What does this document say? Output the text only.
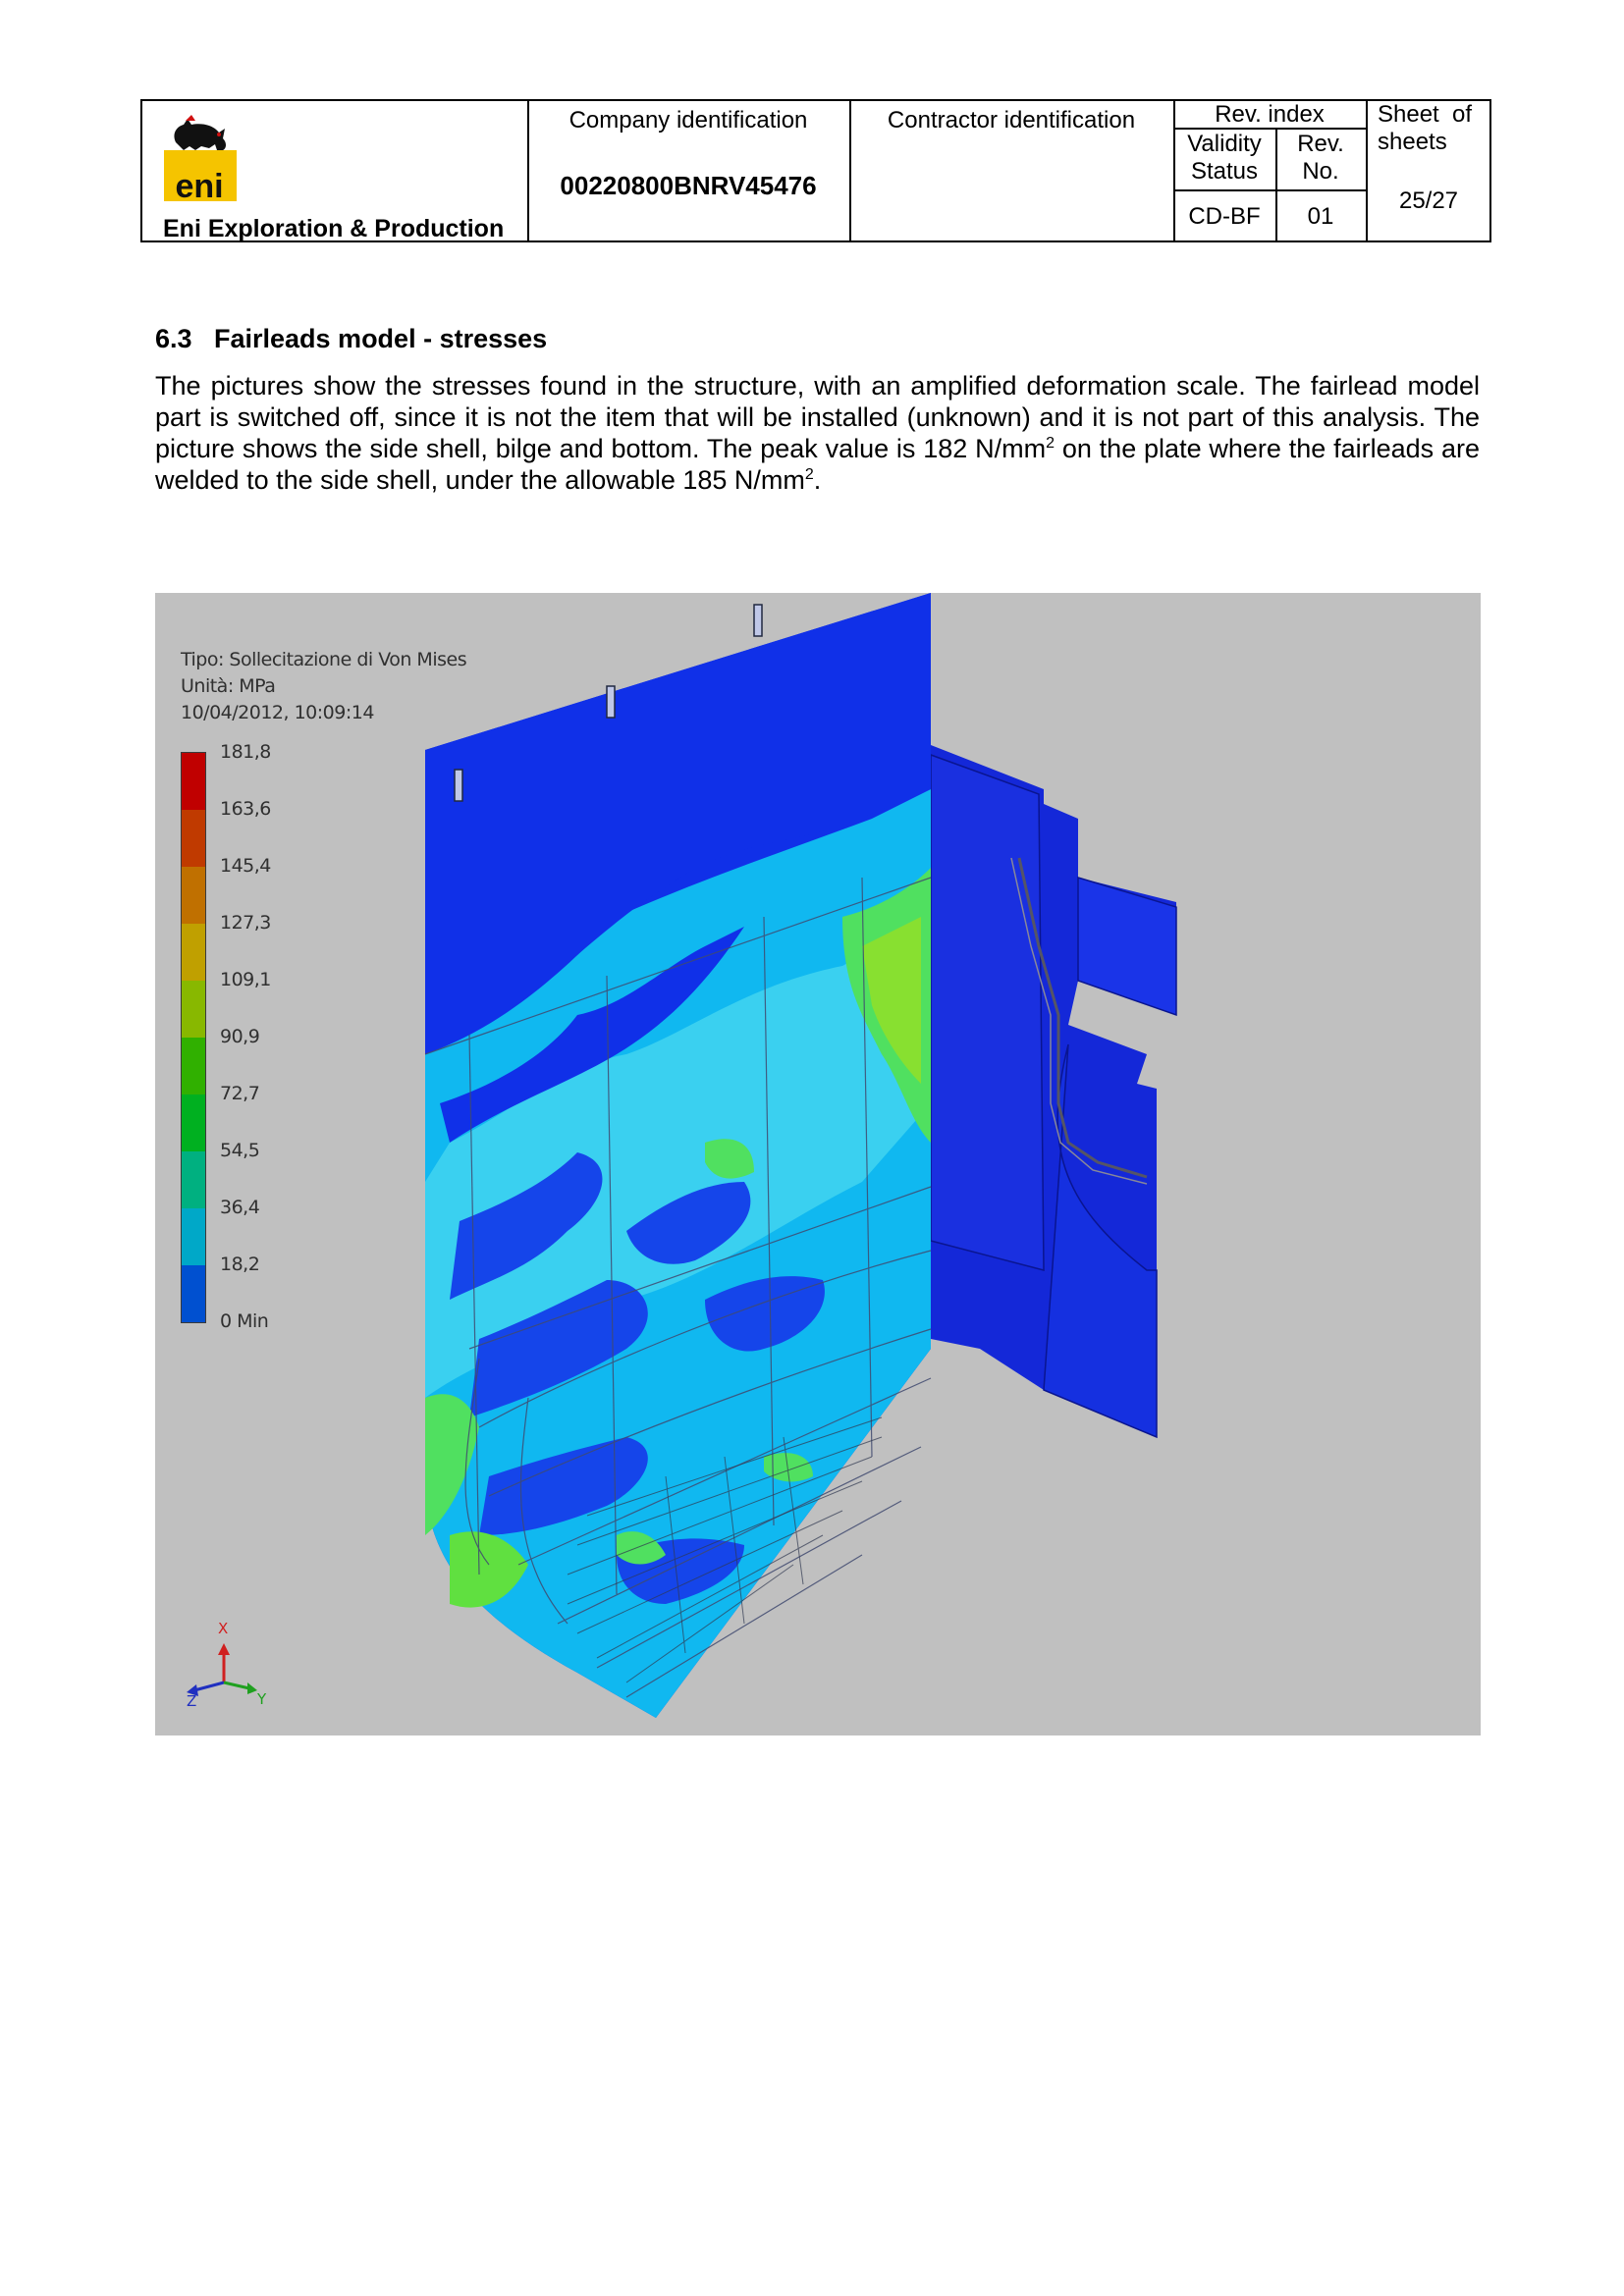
eni
Eni Exploration & Production
Company identification
00220800BNRV45476
Contractor identification	Rev. index
Validity
Status
Rev.
No.
CD-BF	01
Sheet  of
sheets
25/27
6.3 Fairleads model - stresses
The pictures show the stresses found in the structure, with an amplified deformation scale. The fairlead model part is switched off, since it is not the item that will be installed (unknown) and it is not part of this analysis. The picture shows the side shell, bilge and bottom. The peak value is 182 $N/mm^2$ on the plate where the fairleads are welded to the side shell, under the allowable 185 $N/mm^2$.
X
Y
Z
Tipo: Sollecitazione di Von Mises
Unità: MPa
10/04/2012, 10:09:14
181,8
163,6
145,4
127,3
109,1
90,9
72,7
54,5
36,4
18,2
0 Min
